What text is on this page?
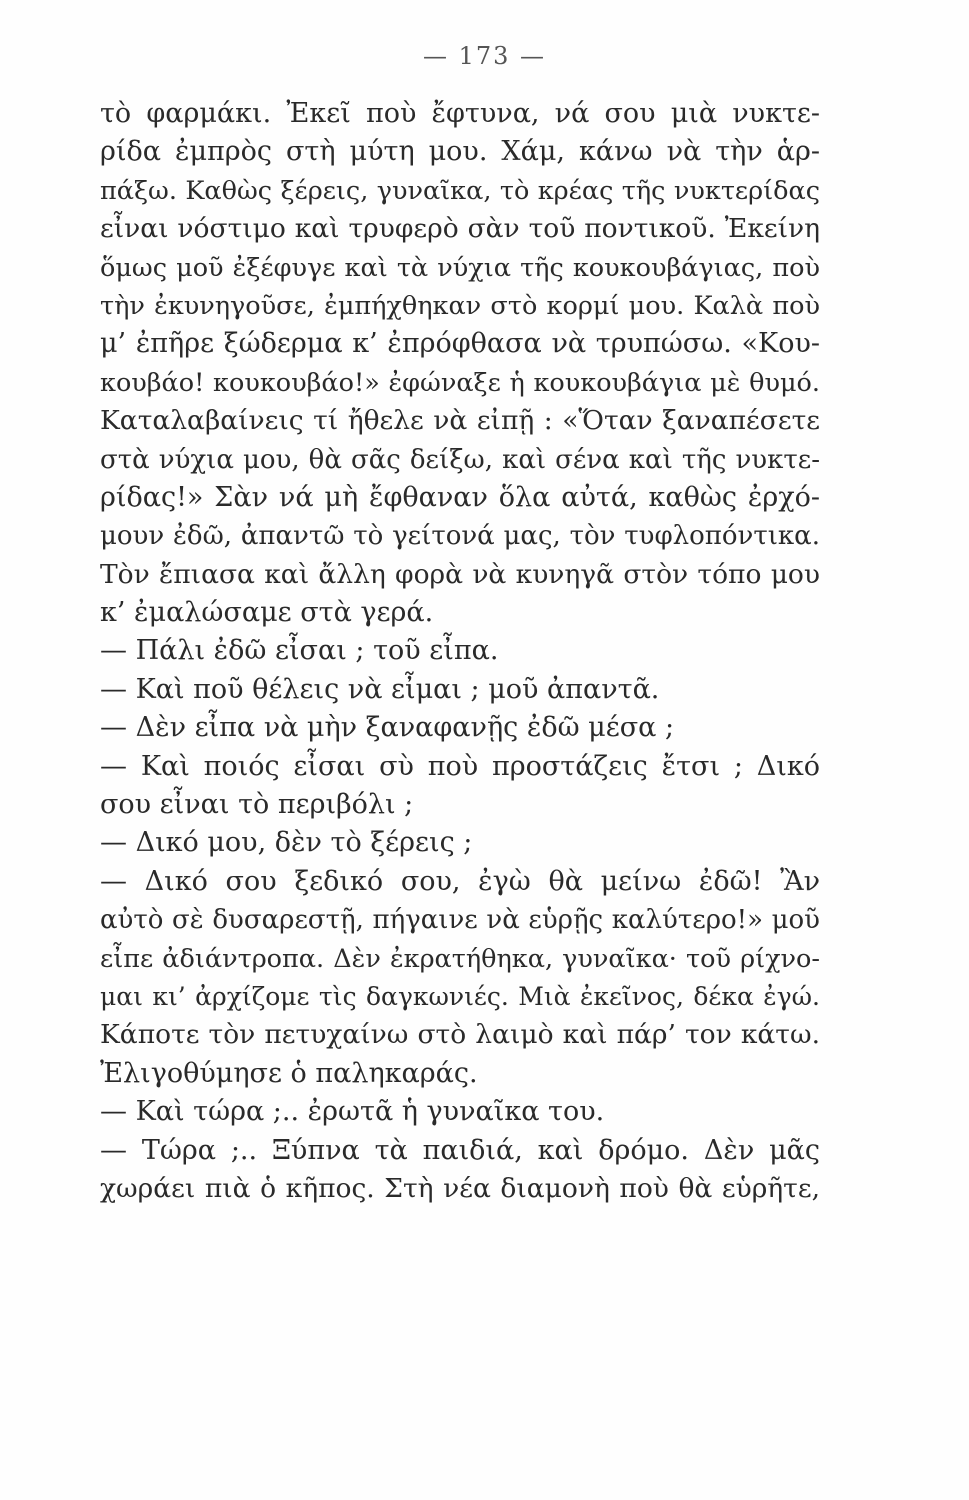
— 173 —
τὸ φαρμάκι. Ἐκεῖ ποὺ ἔφτυνα, νά σου μιὰ νυκτε-
ρίδα ἐμπρὸς στὴ μύτη μου. Χάμ, κάνω νὰ τὴν ἁρ-
πάξω. Καθὼς ξέρεις, γυναῖκα, τὸ κρέας τῆς νυκτερίδας
εἶναι νόστιμο καὶ τρυφερὸ σὰν τοῦ ποντικοῦ. Ἐκείνη
ὅμως μοῦ ἐξέφυγε καὶ τὰ νύχια τῆς κουκουβάγιας, ποὺ
τὴν ἐκυνηγοῦσε, ἐμπήχθηκαν στὸ κορμί μου. Καλὰ ποὺ
μ’ ἐπῆρε ξώδερμα κ’ ἐπρόφθασα νὰ τρυπώσω. «Κου-
κουβάο! κουκουβάο!» ἐφώναξε ἡ κουκουβάγια μὲ θυμό.
Καταλαβαίνεις τί ἤθελε νὰ εἰπῇ : «Ὅταν ξαναπέσετε
στὰ νύχια μου, θὰ σᾶς δείξω, καὶ σένα καὶ τῆς νυκτε-
ρίδας!» Σὰν νά μὴ ἔφθαναν ὅλα αὐτά, καθὼς ἐρχό-
μουν ἐδῶ, ἀπαντῶ τὸ γείτονά μας, τὸν τυφλοπόντικα.
Τὸν ἔπιασα καὶ ἄλλη φορὰ νὰ κυνηγᾶ στὸν τόπο μου
κ’ ἐμαλώσαμε στὰ γερά.
— Πάλι ἐδῶ εἶσαι ; τοῦ εἶπα.
— Καὶ ποῦ θέλεις νὰ εἶμαι ; μοῦ ἀπαντᾶ.
— Δὲν εἶπα νὰ μὴν ξαναφανῇς ἐδῶ μέσα ;
— Καὶ ποιός εἶσαι σὺ ποὺ προστάζεις ἔτσι ; Δικό
σου εἶναι τὸ περιβόλι ;
— Δικό μου, δὲν τὸ ξέρεις ;
— Δικό σου ξεδικό σου, ἐγὼ θὰ μείνω ἐδῶ! Ἂν
αὐτὸ σὲ δυσαρεστῇ, πήγαινε νὰ εὑρῇς καλύτερο!» μοῦ
εἶπε ἀδιάντροπα. Δὲν ἐκρατήθηκα, γυναῖκα· τοῦ ρίχνο-
μαι κι’ ἀρχίζομε τὶς δαγκωνιές. Μιὰ ἐκεῖνος, δέκα ἐγώ.
Κάποτε τὸν πετυχαίνω στὸ λαιμὸ καὶ πάρ’ τον κάτω.
Ἐλιγοθύμησε ὁ παληκαράς.
— Καὶ τώρα ;.. ἐρωτᾶ ἡ γυναῖκα του.
— Τώρα ;.. Ξύπνα τὰ παιδιά, καὶ δρόμο. Δὲν μᾶς
χωράει πιὰ ὁ κῆπος. Στὴ νέα διαμονὴ ποὺ θὰ εὑρῆτε,
